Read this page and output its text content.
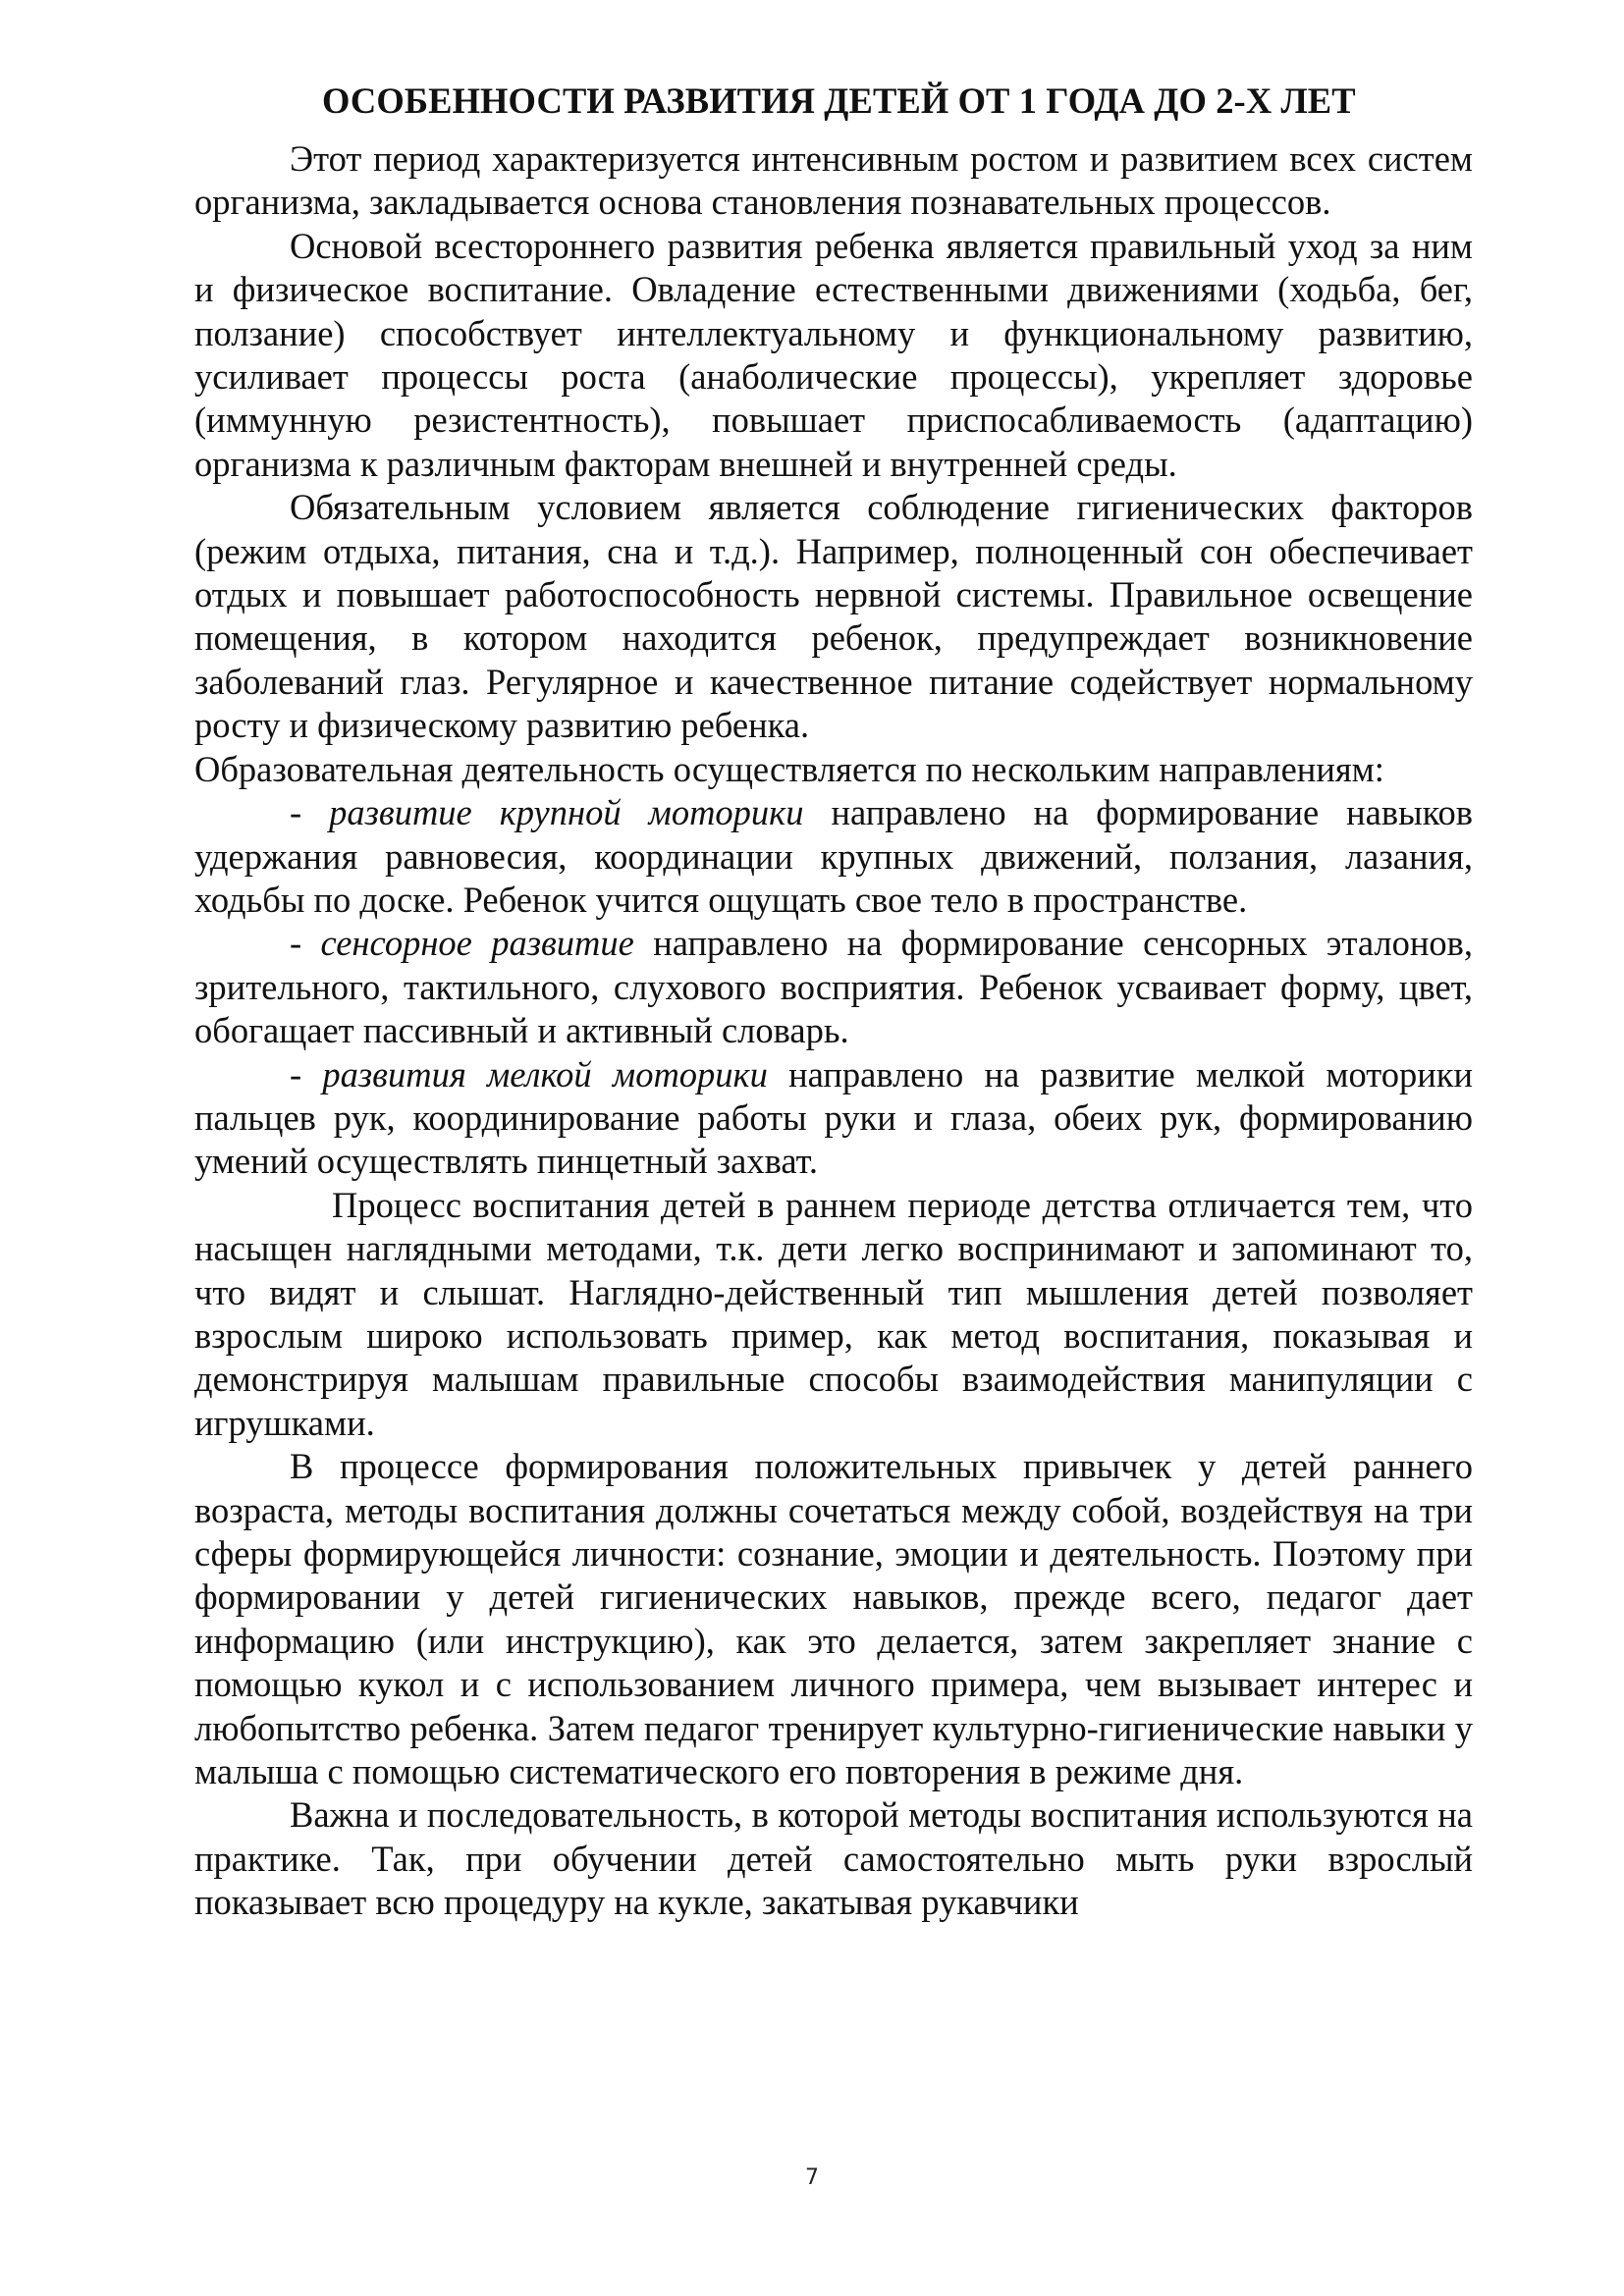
ОСОБЕННОСТИ РАЗВИТИЯ ДЕТЕЙ ОТ 1 ГОДА ДО 2-Х ЛЕТ

Этот период характеризуется интенсивным ростом и развитием всех систем организма, закладывается основа становления познавательных процессов.

Основой всестороннего развития ребенка является правильный уход за ним и физическое воспитание. Овладение естественными движениями (ходьба, бег, ползание) способствует интеллектуальному и функциональному развитию, усиливает процессы роста (анаболические процессы), укрепляет здоровье (иммунную резистентность), повышает приспосабливаемость (адаптацию) организма к различным факторам внешней и внутренней среды.

Обязательным условием является соблюдение гигиенических факторов (режим отдыха, питания, сна и т.д.). Например, полноценный сон обеспечивает отдых и повышает работоспособность нервной системы. Правильное освещение помещения, в котором находится ребенок, предупреждает возникновение заболеваний глаз. Регулярное и качественное питание содействует нормальному росту и физическому развитию ребенка.

Образовательная деятельность осуществляется по нескольким направлениям:

- развитие крупной моторики направлено на формирование навыков удержания равновесия, координации крупных движений, ползания, лазания, ходьбы по доске. Ребенок учится ощущать свое тело в пространстве.

- сенсорное развитие направлено на формирование сенсорных эталонов, зрительного, тактильного, слухового восприятия. Ребенок усваивает форму, цвет, обогащает пассивный и активный словарь.

- развития мелкой моторики направлено на развитие мелкой моторики пальцев рук, координирование работы руки и глаза, обеих рук, формированию умений осуществлять пинцетный захват.

Процесс воспитания детей в раннем периоде детства отличается тем, что насыщен наглядными методами, т.к. дети легко воспринимают и запоминают то, что видят и слышат. Наглядно-действенный тип мышления детей позволяет взрослым широко использовать пример, как метод воспитания, показывая и демонстрируя малышам правильные способы взаимодействия манипуляции с игрушками.

В процессе формирования положительных привычек у детей раннего возраста, методы воспитания должны сочетаться между собой, воздействуя на три сферы формирующейся личности: сознание, эмоции и деятельность. Поэтому при формировании у детей гигиенических навыков, прежде всего, педагог дает информацию (или инструкцию), как это делается, затем закрепляет знание с помощью кукол и с использованием личного примера, чем вызывает интерес и любопытство ребенка. Затем педагог тренирует культурно-гигиенические навыки у малыша с помощью систематического его повторения в режиме дня.

Важна и последовательность, в которой методы воспитания используются на практике. Так, при обучении детей самостоятельно мыть руки взрослый показывает всю процедуру на кукле, закатывая рукавчики

7
